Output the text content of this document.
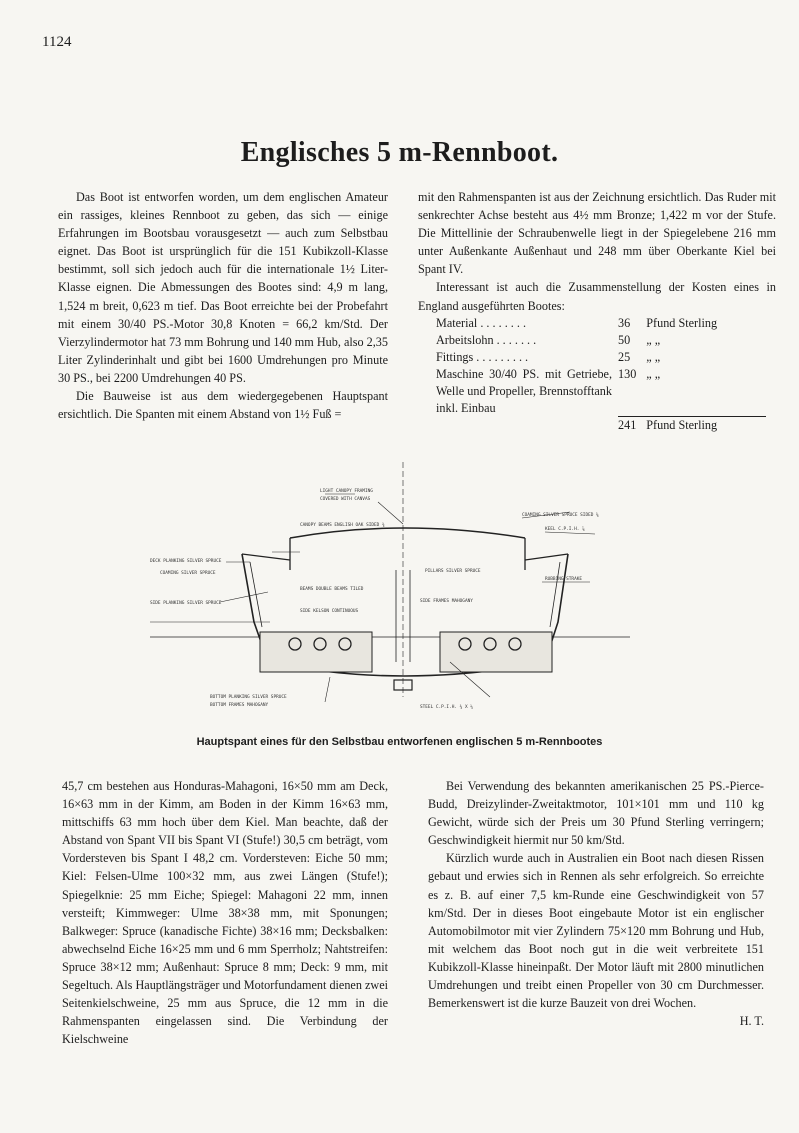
1124
Englisches 5 m-Rennboot.

Das Boot ist entworfen worden, um dem englischen Amateur ein rassiges, kleines Rennboot zu geben, das sich — einige Erfahrungen im Bootsbau vorausgesetzt — auch zum Selbstbau eignet. Das Boot ist ursprünglich für die 151 Kubikzoll-Klasse bestimmt, soll sich jedoch auch für die internationale 1½ Liter-Klasse eignen. Die Abmessungen des Bootes sind: 4,9 m lang, 1,524 m breit, 0,623 m tief. Das Boot erreichte bei der Probefahrt mit einem 30/40 PS.-Motor 30,8 Knoten = 66,2 km/Std. Der Vierzylindermotor hat 73 mm Bohrung und 140 mm Hub, also 2,35 Liter Zylinderinhalt und gibt bei 1600 Umdrehungen pro Minute 30 PS., bei 2200 Umdrehungen 40 PS.

Die Bauweise ist aus dem wiedergegebenen Hauptspant ersichtlich. Die Spanten mit einem Abstand von 1½ Fuß =

mit den Rahmenspanten ist aus der Zeichnung ersichtlich. Das Ruder mit senkrechter Achse besteht aus 4½ mm Bronze; 1,422 m vor der Stufe. Die Mittellinie der Schraubenwelle liegt in der Spiegelebene 216 mm unter Außenkante Außenhaut und 248 mm über Oberkante Kiel bei Spant IV.

Interessant ist auch die Zusammenstellung der Kosten eines in England ausgeführten Bootes:

Material . . . . . . . .	36	Pfund Sterling
Arbeitslohn . . . . . . .	50	„ „
Fittings . . . . . . . . .	25	„ „
Maschine 30/40 PS. mit Getriebe, Welle und Propeller, Brennstofftank inkl. Einbau	130	„ „
	241	Pfund Sterling
LIGHT CANOPY FRAMING
COVERED WITH CANVAS
CANOPY BEAMS ENGLISH OAK SIDED ¾
COAMING SILVER SPRUCE SIDED ⅝
KEEL C.P.I.H. ⅞
RUBBING STRAKE
STEEL C.P.I.H. ¾ X ¼
DECK PLANKING SILVER SPRUCE
COAMING SILVER SPRUCE
SIDE PLANKING SILVER SPRUCE
BOTTOM PLANKING SILVER SPRUCE
BOTTOM FRAMES MAHOGANY
BEAMS DOUBLE BEAMS TILED
SIDE KELSON CONTINUOUS
PILLARS SILVER SPRUCE
SIDE FRAMES MAHOGANY
Hauptspant eines für den Selbstbau entworfenen englischen 5 m-Rennbootes

45,7 cm bestehen aus Honduras-Mahagoni, 16×50 mm am Deck, 16×63 mm in der Kimm, am Boden in der Kimm 16×63 mm, mittschiffs 63 mm hoch über dem Kiel. Man beachte, daß der Abstand von Spant VII bis Spant VI (Stufe!) 30,5 cm beträgt, vom Vordersteven bis Spant I 48,2 cm. Vordersteven: Eiche 50 mm; Kiel: Felsen-Ulme 100×32 mm, aus zwei Längen (Stufe!); Spiegelknie: 25 mm Eiche; Spiegel: Mahagoni 22 mm, innen versteift; Kimmweger: Ulme 38×38 mm, mit Sponungen; Balkweger: Spruce (kanadische Fichte) 38×16 mm; Decksbalken: abwechselnd Eiche 16×25 mm und 6 mm Sperrholz; Nahtstreifen: Spruce 38×12 mm; Außenhaut: Spruce 8 mm; Deck: 9 mm, mit Segeltuch. Als Hauptlängsträger und Motorfundament dienen zwei Seitenkielschweine, 25 mm aus Spruce, die 12 mm in die Rahmenspanten eingelassen sind. Die Verbindung der Kielschweine

Bei Verwendung des bekannten amerikanischen 25 PS.-Pierce-Budd, Dreizylinder-Zweitaktmotor, 101×101 mm und 110 kg Gewicht, würde sich der Preis um 30 Pfund Sterling verringern; Geschwindigkeit hiermit nur 50 km/Std.

Kürzlich wurde auch in Australien ein Boot nach diesen Rissen gebaut und erwies sich in Rennen als sehr erfolgreich. So erreichte es z. B. auf einer 7,5 km-Runde eine Geschwindigkeit von 57 km/Std. Der in dieses Boot eingebaute Motor ist ein englischer Automobilmotor mit vier Zylindern 75×120 mm Bohrung und Hub, mit welchem das Boot noch gut in die weit verbreitete 151 Kubikzoll-Klasse hineinpaßt. Der Motor läuft mit 2800 minutlichen Umdrehungen und treibt einen Propeller von 30 cm Durchmesser. Bemerkenswert ist die kurze Bauzeit von drei Wochen.

H. T.
